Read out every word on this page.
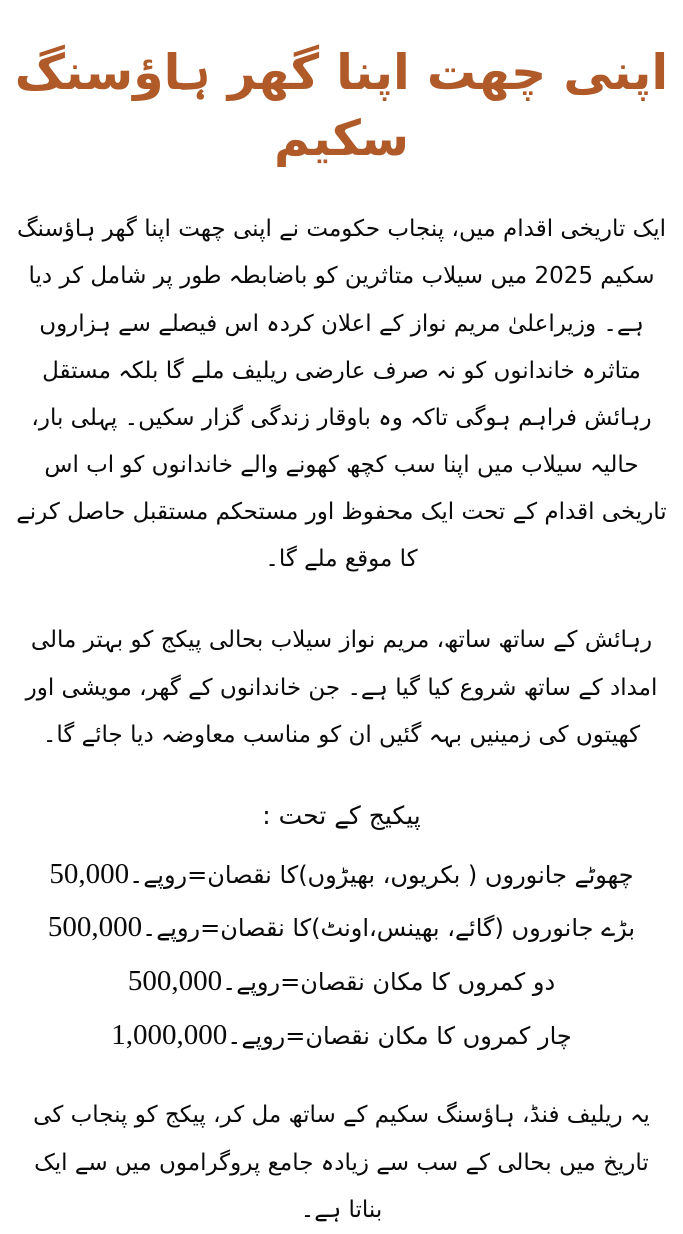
اپنی چھت اپنا گھر ہاؤسنگ سکیم

ایک تاریخی اقدام میں، پنجاب حکومت نے اپنی چھت اپنا گھر ہاؤسنگ سکیم 2025 میں سیلاب متاثرین کو باضابطہ طور پر شامل کر دیا ہے۔ وزیراعلیٰ مریم نواز کے اعلان کردہ اس فیصلے سے ہزاروں متاثرہ خاندانوں کو نہ صرف عارضی ریلیف ملے گا بلکہ مستقل رہائش فراہم ہوگی تاکہ وہ باوقار زندگی گزار سکیں۔ پہلی بار، حالیہ سیلاب میں اپنا سب کچھ کھونے والے خاندانوں کو اب اس تاریخی اقدام کے تحت ایک محفوظ اور مستحکم مستقبل حاصل کرنے کا موقع ملے گا۔

رہائش کے ساتھ ساتھ، مریم نواز سیلاب بحالی پیکج کو بہتر مالی امداد کے ساتھ شروع کیا گیا ہے۔ جن خاندانوں کے گھر، مویشی اور کھیتوں کی زمینیں بہہ گئیں ان کو مناسب معاوضہ دیا جائے گا۔

پیکیج کے تحت :
چھوٹے جانوروں ( بکریوں، بھیڑوں)کا نقصان=روپے۔50,000
بڑے جانوروں (گائے، بھینس،اونٹ)کا نقصان=روپے۔500,000
دو کمروں کا مکان نقصان=روپے۔500,000
چار کمروں کا مکان نقصان=روپے۔1,000,000

یہ ریلیف فنڈ، ہاؤسنگ سکیم کے ساتھ مل کر، پیکج کو پنجاب کی تاریخ میں بحالی کے سب سے زیادہ جامع پروگراموں میں سے ایک بناتا ہے۔
